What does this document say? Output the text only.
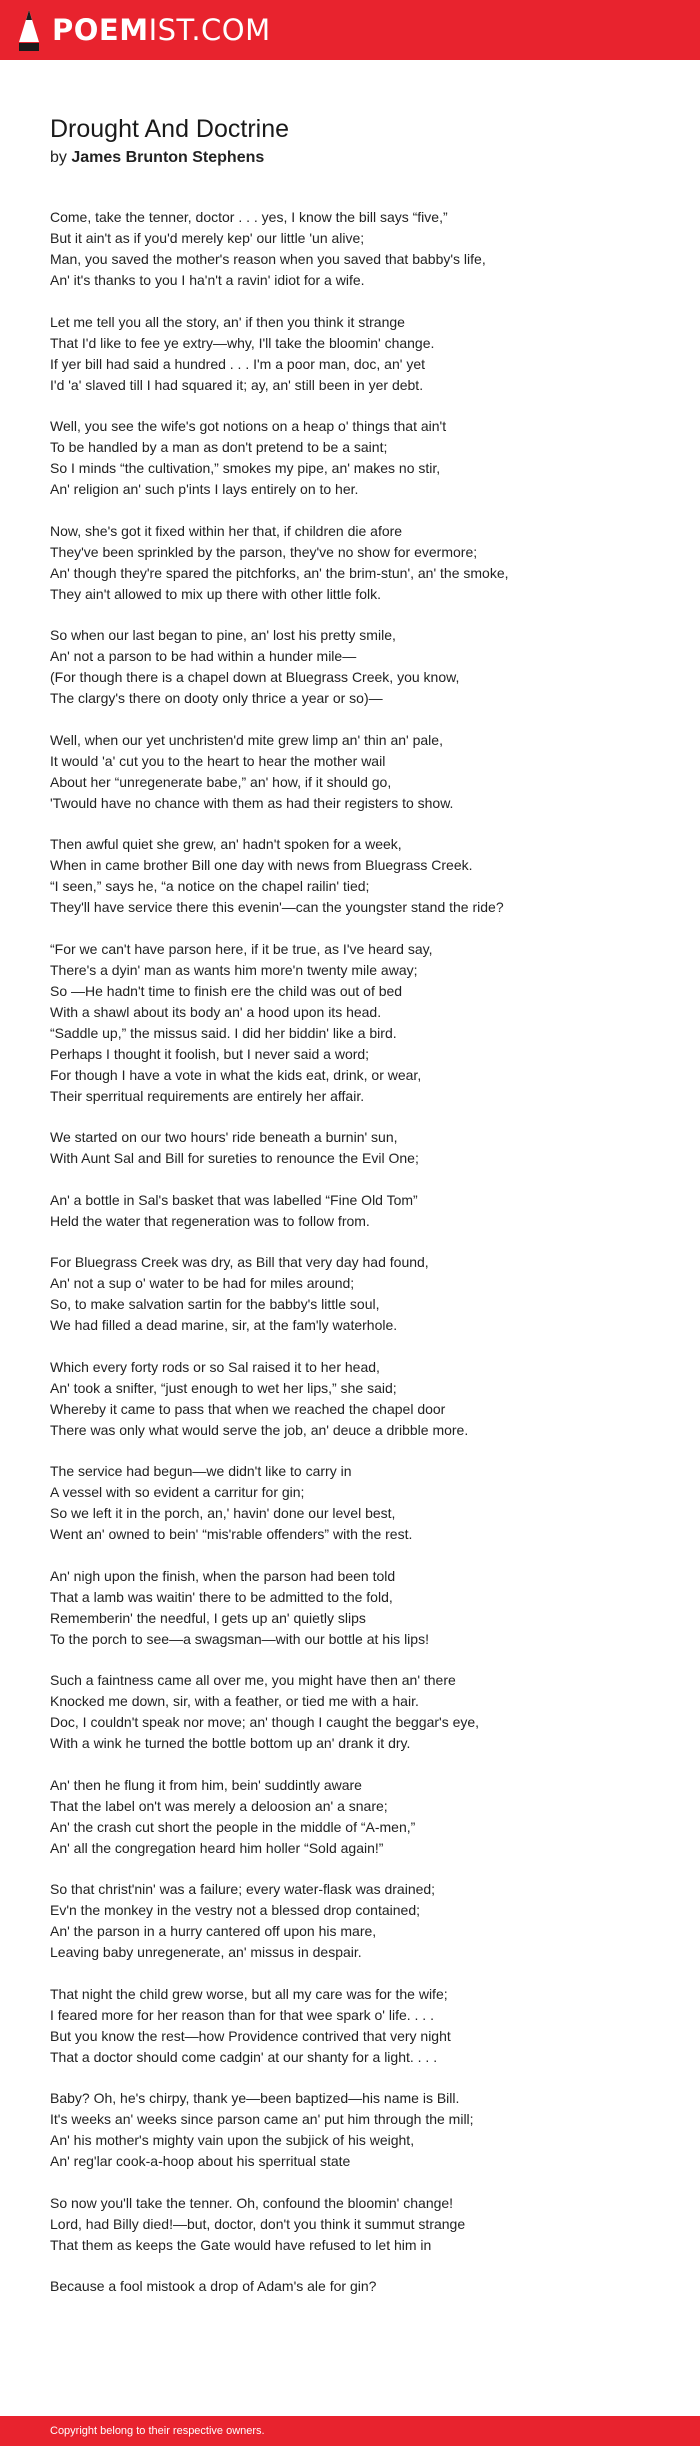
POEMIST.COM
Drought And Doctrine
by James Brunton Stephens
Come, take the tenner, doctor . . . yes, I know the bill says “five,”
But it ain't as if you'd merely kep' our little 'un alive;
Man, you saved the mother's reason when you saved that babby's life,
An' it's thanks to you I ha'n't a ravin' idiot for a wife.
Let me tell you all the story, an' if then you think it strange
That I'd like to fee ye extry—why, I'll take the bloomin' change.
If yer bill had said a hundred . . . I'm a poor man, doc, an' yet
I'd 'a' slaved till I had squared it; ay, an' still been in yer debt.
Well, you see the wife's got notions on a heap o' things that ain't
To be handled by a man as don't pretend to be a saint;
So I minds “the cultivation,” smokes my pipe, an' makes no stir,
An' religion an' such p'ints I lays entirely on to her.
Now, she's got it fixed within her that, if children die afore
They've been sprinkled by the parson, they've no show for evermore;
An' though they're spared the pitchforks, an' the brim-stun', an' the smoke,
They ain't allowed to mix up there with other little folk.
So when our last began to pine, an' lost his pretty smile,
An' not a parson to be had within a hunder mile—
(For though there is a chapel down at Bluegrass Creek, you know,
The clargy's there on dooty only thrice a year or so)—
Well, when our yet unchristen'd mite grew limp an' thin an' pale,
It would 'a' cut you to the heart to hear the mother wail
About her “unregenerate babe,” an' how, if it should go,
'Twould have no chance with them as had their registers to show.
Then awful quiet she grew, an' hadn't spoken for a week,
When in came brother Bill one day with news from Bluegrass Creek.
“I seen,” says he, “a notice on the chapel railin' tied;
They'll have service there this evenin'—can the youngster stand the ride?
“For we can't have parson here, if it be true, as I've heard say,
There's a dyin' man as wants him more'n twenty mile away;
So —He hadn't time to finish ere the child was out of bed
With a shawl about its body an' a hood upon its head.
“Saddle up,” the missus said. I did her biddin' like a bird.
Perhaps I thought it foolish, but I never said a word;
For though I have a vote in what the kids eat, drink, or wear,
Their sperritual requirements are entirely her affair.
We started on our two hours' ride beneath a burnin' sun,
With Aunt Sal and Bill for sureties to renounce the Evil One;
An' a bottle in Sal's basket that was labelled “Fine Old Tom”
Held the water that regeneration was to follow from.
For Bluegrass Creek was dry, as Bill that very day had found,
An' not a sup o' water to be had for miles around;
So, to make salvation sartin for the babby's little soul,
We had filled a dead marine, sir, at the fam'ly waterhole.
Which every forty rods or so Sal raised it to her head,
An' took a snifter, “just enough to wet her lips,” she said;
Whereby it came to pass that when we reached the chapel door
There was only what would serve the job, an' deuce a dribble more.
The service had begun—we didn't like to carry in
A vessel with so evident a carritur for gin;
So we left it in the porch, an,' havin' done our level best,
Went an' owned to bein' “mis'rable offenders” with the rest.
An' nigh upon the finish, when the parson had been told
That a lamb was waitin' there to be admitted to the fold,
Rememberin' the needful, I gets up an' quietly slips
To the porch to see—a swagsman—with our bottle at his lips!
Such a faintness came all over me, you might have then an' there
Knocked me down, sir, with a feather, or tied me with a hair.
Doc, I couldn't speak nor move; an' though I caught the beggar's eye,
With a wink he turned the bottle bottom up an' drank it dry.
An' then he flung it from him, bein' suddintly aware
That the label on't was merely a deloosion an' a snare;
An' the crash cut short the people in the middle of “A-men,”
An' all the congregation heard him holler “Sold again!”
So that christ'nin' was a failure; every water-flask was drained;
Ev'n the monkey in the vestry not a blessed drop contained;
An' the parson in a hurry cantered off upon his mare,
Leaving baby unregenerate, an' missus in despair.
That night the child grew worse, but all my care was for the wife;
I feared more for her reason than for that wee spark o' life. . . .
But you know the rest—how Providence contrived that very night
That a doctor should come cadgin' at our shanty for a light. . . .
Baby? Oh, he's chirpy, thank ye—been baptized—his name is Bill.
It's weeks an' weeks since parson came an' put him through the mill;
An' his mother's mighty vain upon the subjick of his weight,
An' reg'lar cook-a-hoop about his sperritual state
So now you'll take the tenner. Oh, confound the bloomin' change!
Lord, had Billy died!—but, doctor, don't you think it summut strange
That them as keeps the Gate would have refused to let him in
Because a fool mistook a drop of Adam's ale for gin?
Copyright belong to their respective owners.
